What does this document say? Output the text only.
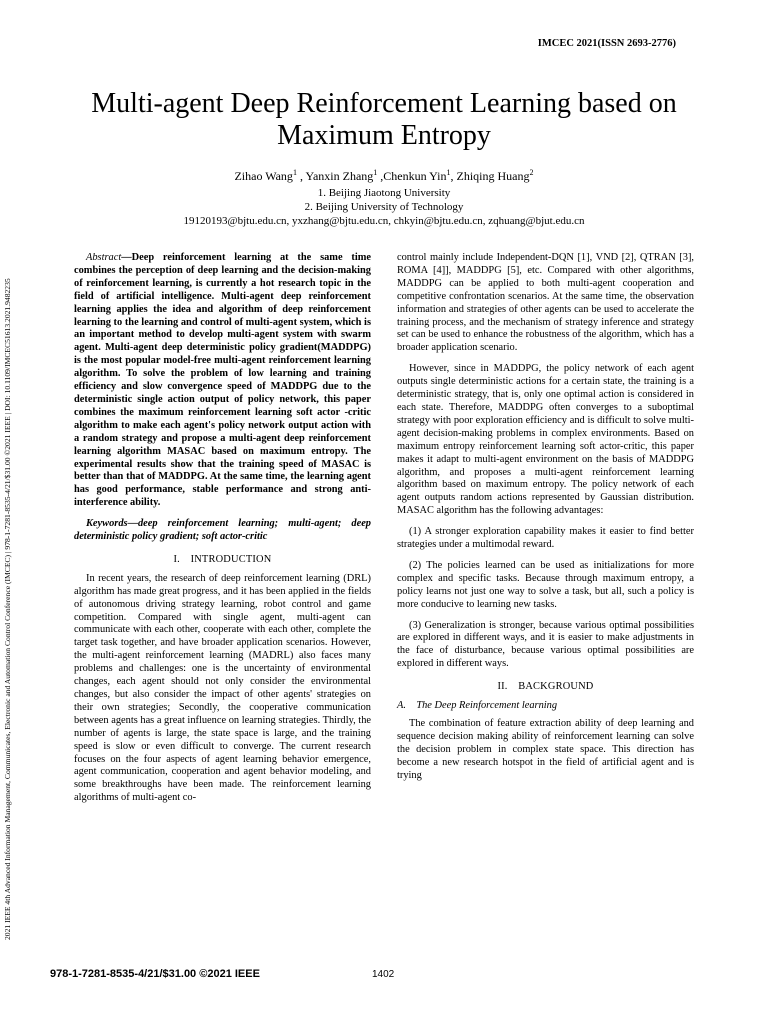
IMCEC 2021(ISSN 2693-2776)
2021 IEEE 4th Advanced Information Management, Communicates, Electronic and Automation Control Conference (IMCEC) | 978-1-7281-8535-4/21/$31.00 ©2021 IEEE | DOI: 10.1109/IMCEC51613.2021.9482235
Multi-agent Deep Reinforcement Learning based on Maximum Entropy
Zihao Wang$^1$ , Yanxin Zhang$^1$ ,Chenkun Yin$^1$, Zhiqing Huang$^2$
1. Beijing Jiaotong University
2. Beijing University of Technology
19120193@bjtu.edu.cn, yxzhang@bjtu.edu.cn, chkyin@bjtu.edu.cn, zqhuang@bjut.edu.cn

Abstract—Deep reinforcement learning at the same time combines the perception of deep learning and the decision-making of reinforcement learning, is currently a hot research topic in the field of artificial intelligence. Multi-agent deep reinforcement learning applies the idea and algorithm of deep reinforcement learning to the learning and control of multi-agent system, which is an important method to develop multi-agent system with swarm agent. Multi-agent deep deterministic policy gradient(MADDPG) is the most popular model-free multi-agent reinforcement learning algorithm. To solve the problem of low learning and training efficiency and slow convergence speed of MADDPG due to the deterministic single action output of policy network, this paper combines the maximum reinforcement learning soft actor -critic algorithm to make each agent's policy network output action with a random strategy and propose a multi-agent deep reinforcement learning algorithm MASAC based on maximum entropy. The experimental results show that the training speed of MASAC is better than that of MADDPG. At the same time, the learning agent has good performance, stable performance and strong anti-interference ability.

Keywords—deep reinforcement learning; multi-agent; deep deterministic policy gradient; soft actor-critic

I. INTRODUCTION

In recent years, the research of deep reinforcement learning (DRL) algorithm has made great progress, and it has been applied in the fields of autonomous driving strategy learning, robot control and game competition. Compared with single agent, multi-agent can communicate with each other, cooperate with each other, complete the target task together, and have broader application scenarios. However, the multi-agent reinforcement learning (MADRL) also faces many problems and challenges: one is the uncertainty of environmental changes, each agent should not only consider the environmental changes, but also consider the impact of other agents' strategies on their own strategies; Secondly, the cooperative communication between agents has a great influence on learning strategies. Thirdly, the number of agents is large, the state space is large, and the training speed is slow or even difficult to converge. The current research focuses on the four aspects of agent learning behavior emergence, agent communication, cooperation and agent behavior modeling, and some breakthroughs have been made. The reinforcement learning algorithms of multi-agent co-

control mainly include Independent-DQN [1], VND [2], QTRAN [3], ROMA [4]], MADDPG [5], etc. Compared with other algorithms, MADDPG can be applied to both multi-agent cooperation and competitive confrontation scenarios. At the same time, the observation information and strategies of other agents can be used to accelerate the training process, and the mechanism of strategy inference and strategy set can be used to enhance the robustness of the algorithm, which has a broader application scenario.

However, since in MADDPG, the policy network of each agent outputs single deterministic actions for a certain state, the training is a deterministic strategy, that is, only one optimal action is considered in each state. Therefore, MADDPG often converges to a suboptimal strategy with poor exploration efficiency and is difficult to solve multi-agent decision-making problems in complex environments. Based on maximum entropy reinforcement learning soft actor-critic, this paper makes it adapt to multi-agent environment on the basis of MADDPG algorithm, and proposes a multi-agent reinforcement learning algorithm based on maximum entropy. The policy network of each agent outputs random actions represented by Gaussian distribution. MASAC algorithm has the following advantages:

(1) A stronger exploration capability makes it easier to find better strategies under a multimodal reward.

(2) The policies learned can be used as initializations for more complex and specific tasks. Because through maximum entropy, a policy learns not just one way to solve a task, but all, such a policy is more conducive to learning new tasks.

(3) Generalization is stronger, because various optimal possibilities are explored in different ways, and it is easier to make adjustments in the face of disturbance, because various optimal possibilities are explored in different ways.

II. BACKGROUND
A. The Deep Reinforcement learning

The combination of feature extraction ability of deep learning and sequence decision making ability of reinforcement learning can solve the decision problem in complex state space. This direction has become a new research hotspot in the field of artificial agent and is trying

978-1-7281-8535-4/21/$31.00 ©2021 IEEE	1402
